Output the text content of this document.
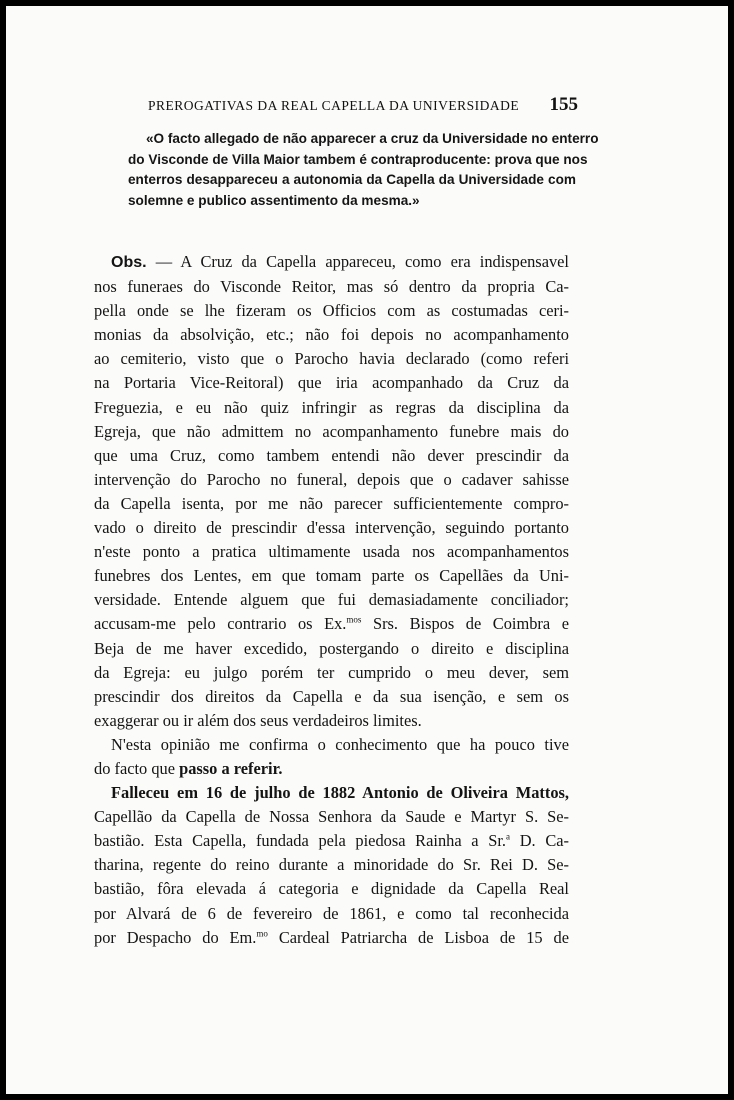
PREROGATIVAS DA REAL CAPELLA DA UNIVERSIDADE 155
«O facto allegado de não apparecer a cruz da Universidade no enterro
do Visconde de Villa Maior tambem é contraproducente: prova que nos
enterros desappareceu a autonomia da Capella da Universidade com
solemne e publico assentimento da mesma.»
Obs. — A Cruz da Capella appareceu, como era indispensavel
nos funeraes do Visconde Reitor, mas só dentro da propria Ca-
pella onde se lhe fizeram os Officios com as costumadas ceri-
monias da absolvição, etc.; não foi depois no acompanhamento
ao cemiterio, visto que o Parocho havia declarado (como referi
na Portaria Vice-Reitoral) que iria acompanhado da Cruz da
Freguezia, e eu não quiz infringir as regras da disciplina da
Egreja, que não admittem no acompanhamento funebre mais do
que uma Cruz, como tambem entendi não dever prescindir da
intervenção do Parocho no funeral, depois que o cadaver sahisse
da Capella isenta, por me não parecer sufficientemente compro-
vado o direito de prescindir d'essa intervenção, seguindo portanto
n'este ponto a pratica ultimamente usada nos acompanhamentos
funebres dos Lentes, em que tomam parte os Capellães da Uni-
versidade. Entende alguem que fui demasiadamente conciliador;
accusam-me pelo contrario os Ex.$^{mos}$ Srs. Bispos de Coimbra e
Beja de me haver excedido, postergando o direito e disciplina
da Egreja: eu julgo porém ter cumprido o meu dever, sem
prescindir dos direitos da Capella e da sua isenção, e sem os
exaggerar ou ir além dos seus verdadeiros limites.
N'esta opinião me confirma o conhecimento que ha pouco tive
do facto que passo a referir.
Falleceu em 16 de julho de 1882 Antonio de Oliveira Mattos,
Capellão da Capella de Nossa Senhora da Saude e Martyr S. Se-
bastião. Esta Capella, fundada pela piedosa Rainha a Sr.$^a$ D. Ca-
tharina, regente do reino durante a minoridade do Sr. Rei D. Se-
bastião, fôra elevada á categoria e dignidade da Capella Real
por Alvará de 6 de fevereiro de 1861, e como tal reconhecida
por Despacho do Em.$^{mo}$ Cardeal Patriarcha de Lisboa de 15 de
